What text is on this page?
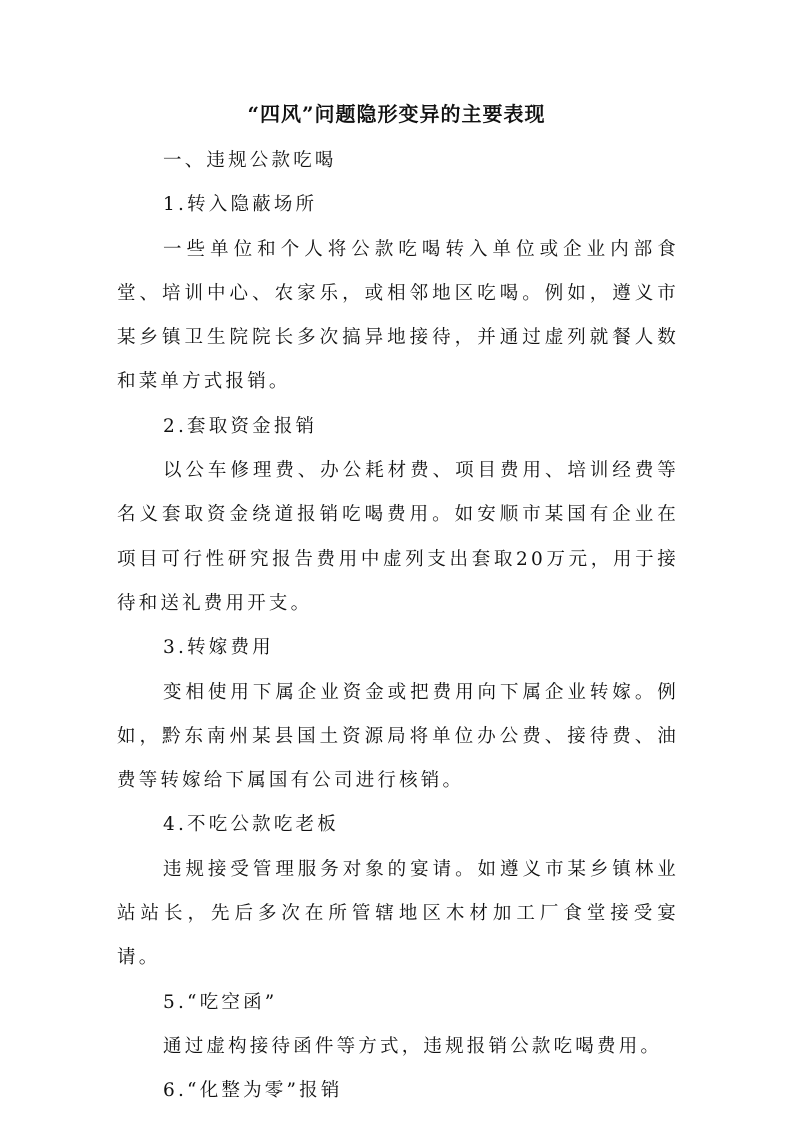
“四风”问题隐形变异的主要表现

一、违规公款吃喝

1.转入隐蔽场所

一些单位和个人将公款吃喝转入单位或企业内部食堂、培训中心、农家乐，或相邻地区吃喝。例如，遵义市某乡镇卫生院院长多次搞异地接待，并通过虚列就餐人数和菜单方式报销。

2.套取资金报销

以公车修理费、办公耗材费、项目费用、培训经费等名义套取资金绕道报销吃喝费用。如安顺市某国有企业在项目可行性研究报告费用中虚列支出套取20万元，用于接待和送礼费用开支。

3.转嫁费用

变相使用下属企业资金或把费用向下属企业转嫁。例如，黔东南州某县国土资源局将单位办公费、接待费、油费等转嫁给下属国有公司进行核销。

4.不吃公款吃老板

违规接受管理服务对象的宴请。如遵义市某乡镇林业站站长，先后多次在所管辖地区木材加工厂食堂接受宴请。

5.“吃空函”

通过虚构接待函件等方式，违规报销公款吃喝费用。

6.“化整为零”报销
